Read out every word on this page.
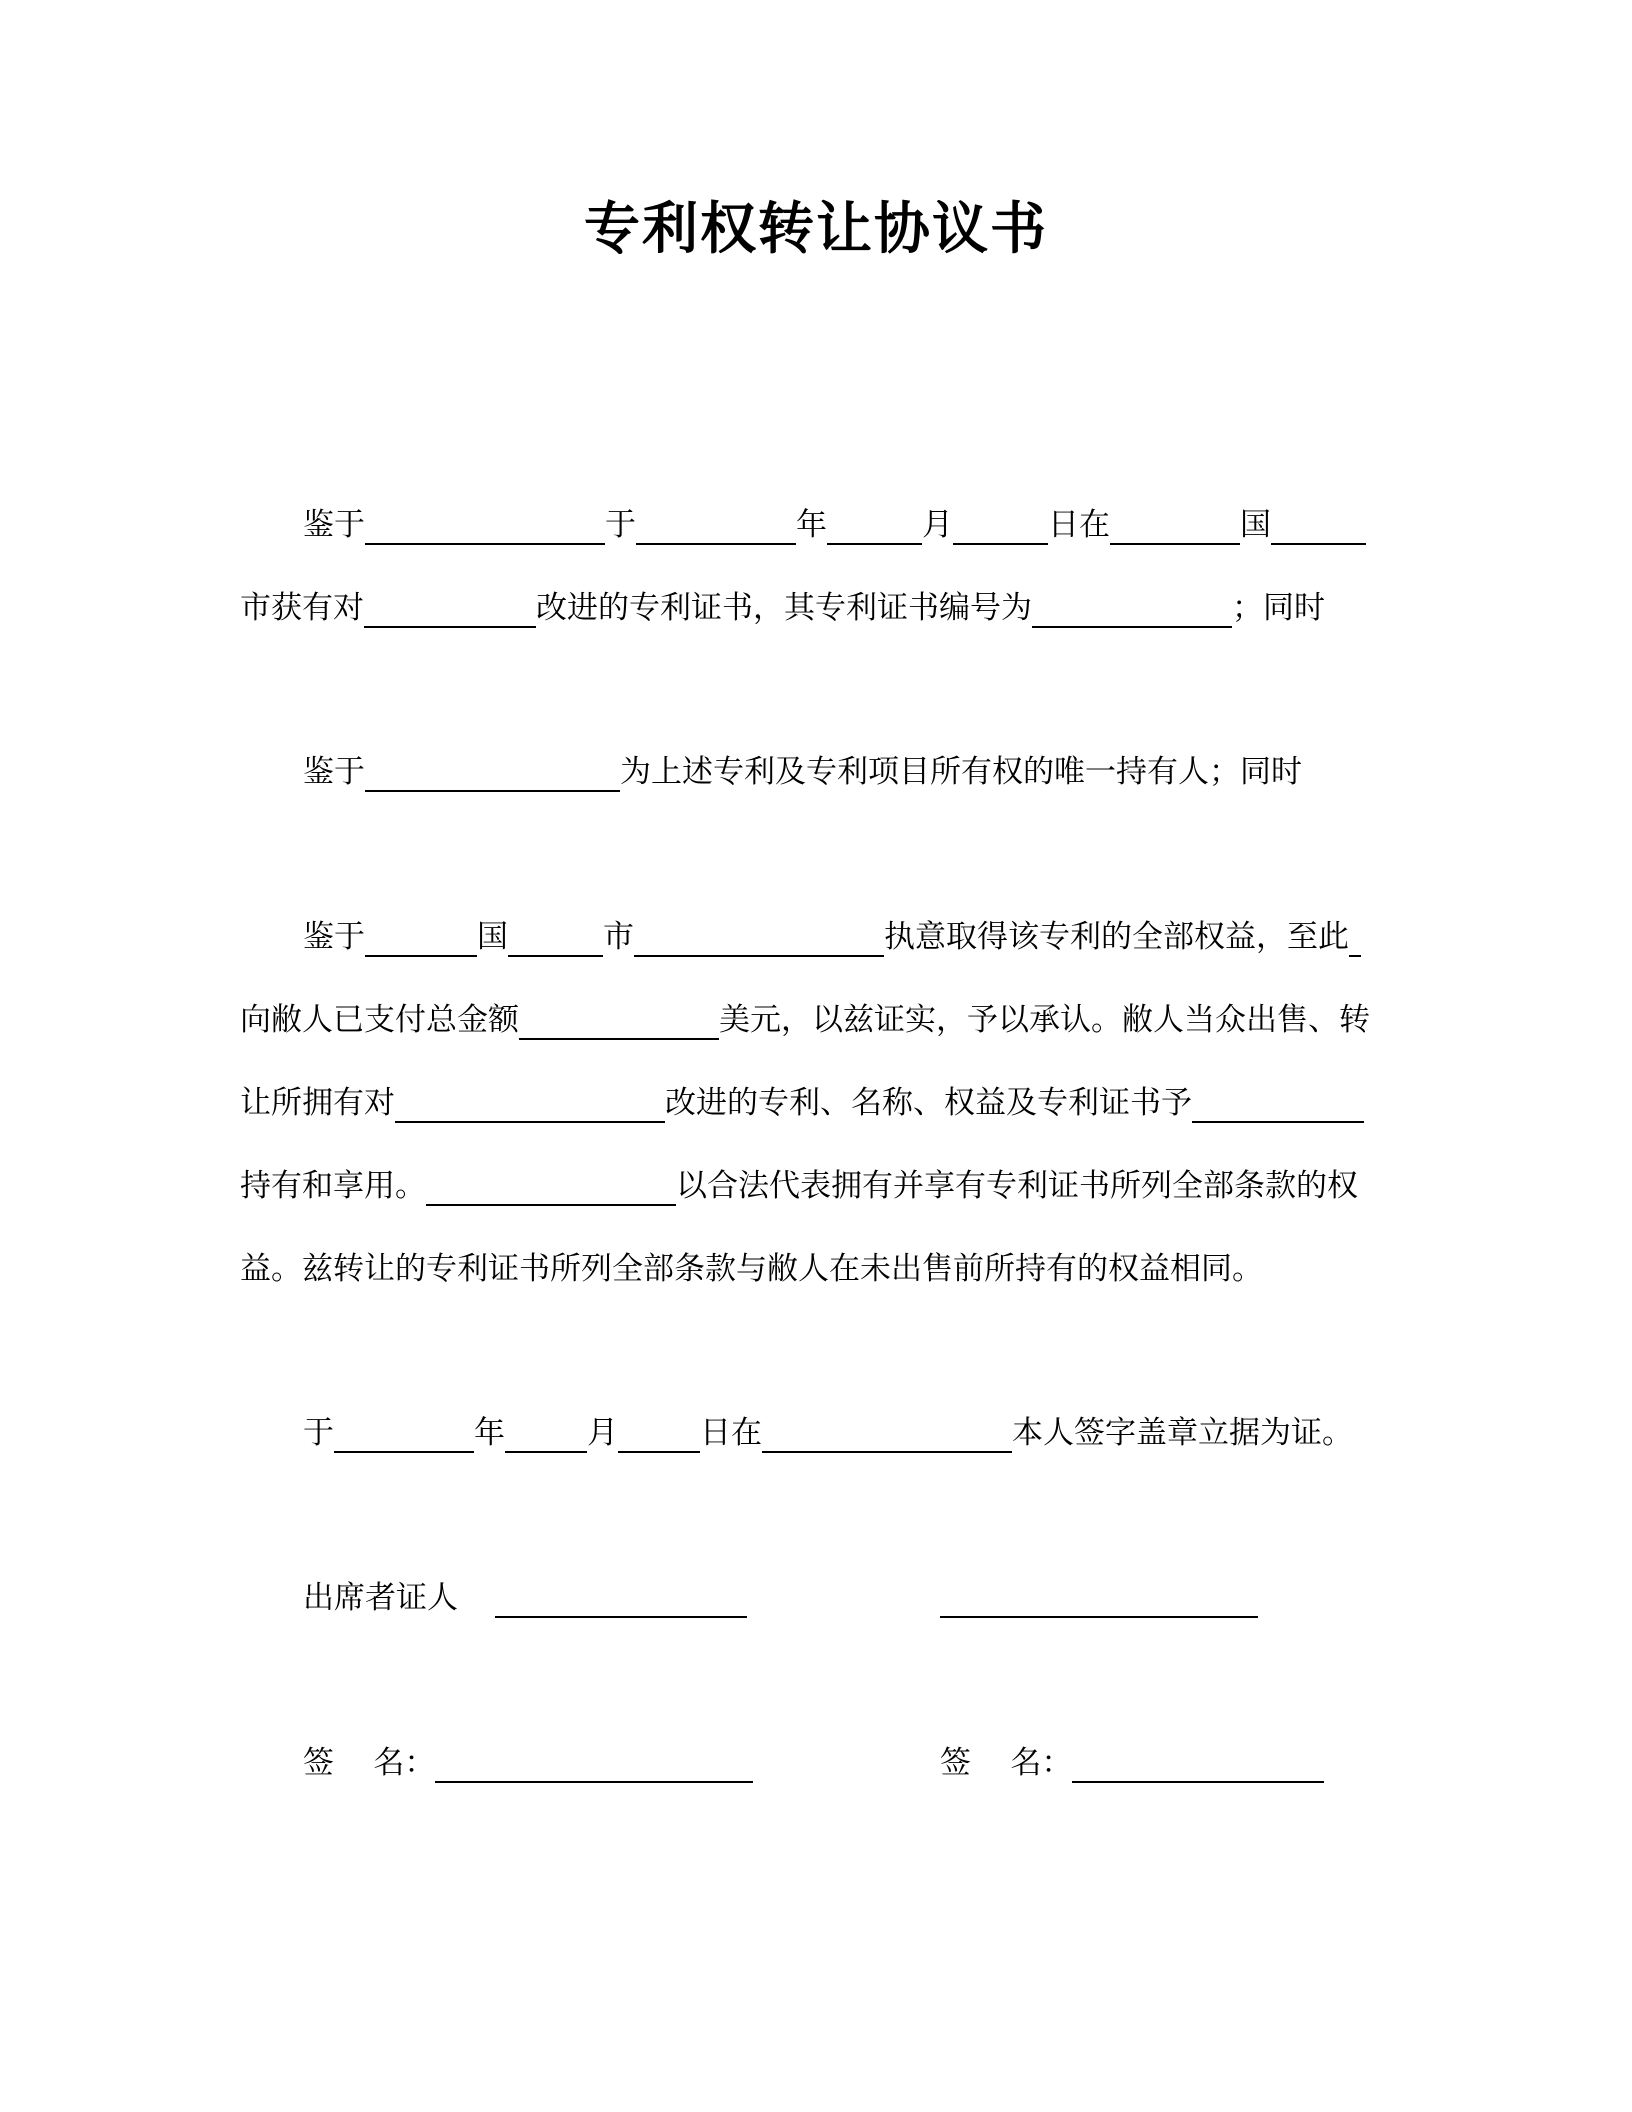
专利权转让协议书
鉴于	于	年	月	日在	国
市获有对	改进的专利证书，其专利证书编号为	；同时
鉴于	为上述专利及专利项目所有权的唯一持有人；同时
鉴于	国	市	执意取得该专利的全部权益，至此
向敝人已支付总金额	美元，以兹证实，予以承认。敝人当众出售、转
让所拥有对	改进的专利、名称、权益及专利证书予
持有和享用。	以合法代表拥有并享有专利证书所列全部条款的权
益。兹转让的专利证书所列全部条款与敝人在未出售前所持有的权益相同。
于	年	月	日在	本人签字盖章立据为证。
出席者证人
签    名：	签    名：
